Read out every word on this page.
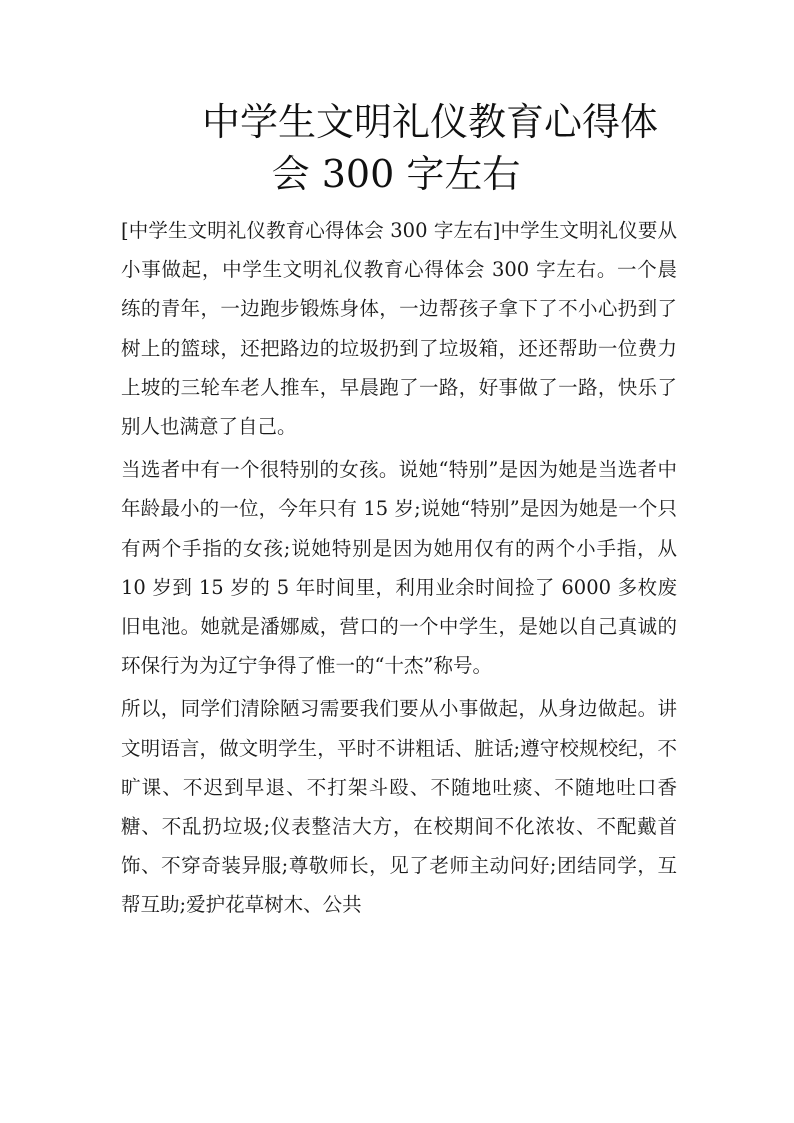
中学生文明礼仪教育心得体
会 300 字左右

[中学生文明礼仪教育心得体会 300 字左右]中学生文明礼仪要从小事做起，中学生文明礼仪教育心得体会 300 字左右。一个晨练的青年，一边跑步锻炼身体，一边帮孩子拿下了不小心扔到了树上的篮球，还把路边的垃圾扔到了垃圾箱，还还帮助一位费力上坡的三轮车老人推车，早晨跑了一路，好事做了一路，快乐了别人也满意了自己。

当选者中有一个很特别的女孩。说她“特别”是因为她是当选者中年龄最小的一位，今年只有 15 岁;说她“特别”是因为她是一个只有两个手指的女孩;说她特别是因为她用仅有的两个小手指，从 10 岁到 15 岁的 5 年时间里，利用业余时间捡了 6000 多枚废旧电池。她就是潘娜威，营口的一个中学生，是她以自己真诚的环保行为为辽宁争得了惟一的“十杰”称号。

所以，同学们清除陋习需要我们要从小事做起，从身边做起。讲文明语言，做文明学生，平时不讲粗话、脏话;遵守校规校纪，不旷课、不迟到早退、不打架斗殴、不随地吐痰、不随地吐口香糖、不乱扔垃圾;仪表整洁大方，在校期间不化浓妆、不配戴首饰、不穿奇装异服;尊敬师长，见了老师主动问好;团结同学，互帮互助;爱护花草树木、公共
